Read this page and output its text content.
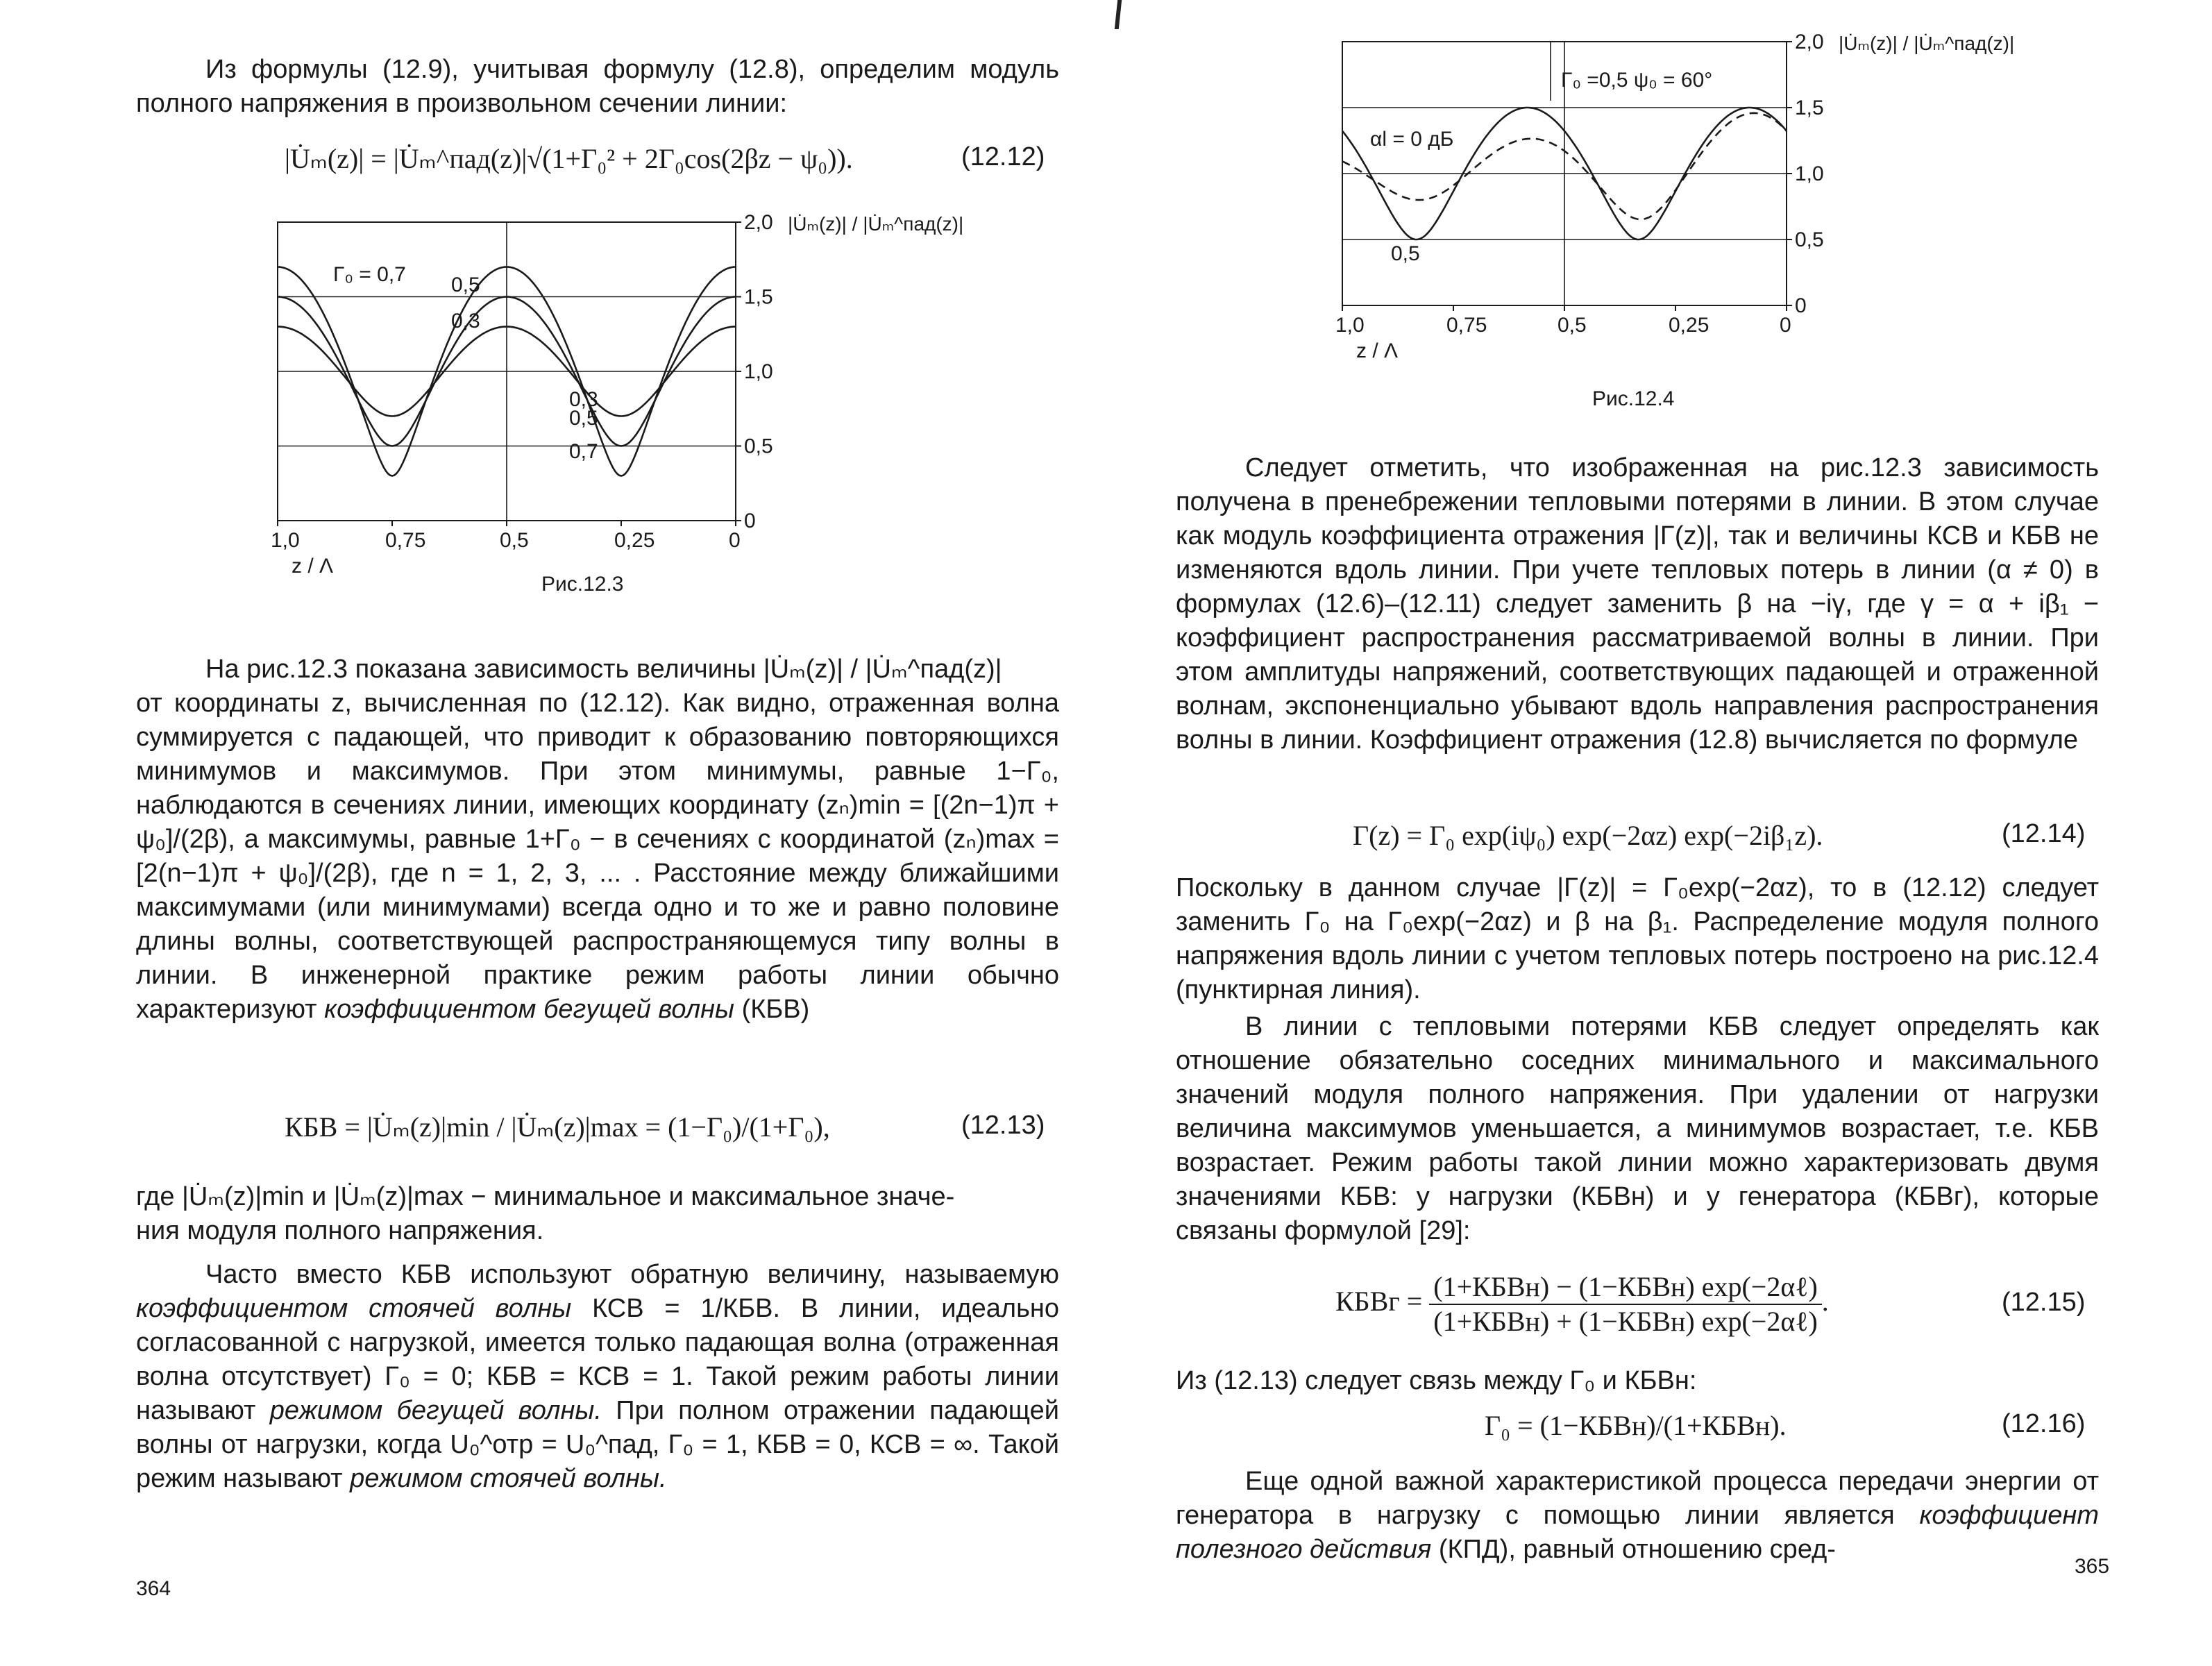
Из формулы (12.9), учитывая формулу (12.8), определим модуль полного напряжения в произвольном сечении линии:

|U̇ₘ(z)| = |U̇ₘ^пад(z)|√(1+Γ₀² + 2Γ₀cos(2βz − ψ₀)).	(12.12)
1,0	0,75	0,5	0,25	0
2,0
1,5
1,0
0,5
0
z / Λ
|U̇ₘ(z)| / |U̇ₘ^пад(z)|
Γ₀ = 0,7 0,5
0,3
0,3
0,5
0,7
Рис.12.3

На рис.12.3 показана зависимость величины |U̇ₘ(z)| / |U̇ₘ^пад(z)|

от координаты z, вычисленная по (12.12). Как видно, отраженная волна суммируется с падающей, что приводит к образованию повторяющихся минимумов и максимумов. При этом минимумы, равные 1−Γ₀, наблюдаются в сечениях линии, имеющих координату (zₙ)min = [(2n−1)π + ψ₀]/(2β), а максимумы, равные 1+Γ₀ − в сечениях с координатой (zₙ)max = [2(n−1)π + ψ₀]/(2β), где n = 1, 2, 3, ... . Расстояние между ближайшими максимумами (или минимумами) всегда одно и то же и равно половине длины волны, соответствующей распространяющемуся типу волны в линии. В инженерной практике режим работы линии обычно характеризуют коэффициентом бегущей волны (КБВ)

КБВ = |U̇ₘ(z)|min / |U̇ₘ(z)|max = (1−Γ₀)/(1+Γ₀),	(12.13)

где |U̇ₘ(z)|min и |U̇ₘ(z)|max − минимальное и максимальное значе-

ния модуля полного напряжения.

Часто вместо КБВ используют обратную величину, называемую коэффициентом стоячей волны КСВ = 1/КБВ. В линии, идеально согласованной с нагрузкой, имеется только падающая волна (отраженная волна отсутствует) Γ₀ = 0; КБВ = КСВ = 1. Такой режим работы линии называют режимом бегущей волны. При полном отражении падающей волны от нагрузки, когда U₀^отр = U₀^пад, Γ₀ = 1, КБВ = 0, КСВ = ∞. Такой режим называют режимом стоячей волны.

364
1,0	0,75	0,5	0,25	0
2,0
1,5
1,0
0,5
0
z / Λ
|U̇ₘ(z)| / |U̇ₘ^пад(z)|
Γ₀ =0,5 ψ₀ = 60°
αl = 0 дБ
0,5
Рис.12.4

Следует отметить, что изображенная на рис.12.3 зависимость получена в пренебрежении тепловыми потерями в линии. В этом случае как модуль коэффициента отражения |Γ(z)|, так и величины КСВ и КБВ не изменяются вдоль линии. При учете тепловых потерь в линии (α ≠ 0) в формулах (12.6)–(12.11) следует заменить β на −iγ, где γ = α + iβ₁ − коэффициент распространения рассматриваемой волны в линии. При этом амплитуды напряжений, соответствующих падающей и отраженной волнам, экспоненциально убывают вдоль направления распространения волны в линии. Коэффициент отражения (12.8) вычисляется по формуле

Γ(z) = Γ₀ exp(iψ₀) exp(−2αz) exp(−2iβ₁z).	(12.14)

Поскольку в данном случае |Γ(z)| = Γ₀exp(−2αz), то в (12.12) следует заменить Γ₀ на Γ₀exp(−2αz) и β на β₁. Распределение модуля полного напряжения вдоль линии с учетом тепловых потерь построено на рис.12.4 (пунктирная линия).

В линии с тепловыми потерями КБВ следует определять как отношение обязательно соседних минимального и максимального значений модуля полного напряжения. При удалении от нагрузки величина максимумов уменьшается, а минимумов возрастает, т.е. КБВ возрастает. Режим работы такой линии можно характеризовать двумя значениями КБВ: у нагрузки (КБВн) и у генератора (КБВг), которые связаны формулой [29]:

КБВг = $\frac{\text{(1+КБВн) − (1−КБВн) exp(−2αℓ)}}{\text{(1+КБВн) + (1−КБВн) exp(−2αℓ)}}$ .	(12.15)

Из (12.13) следует связь между Γ₀ и КБВн:

Γ₀ = (1−КБВн)/(1+КБВн).	(12.16)

Еще одной важной характеристикой процесса передачи энергии от генератора в нагрузку с помощью линии является коэффициент полезного действия (КПД), равный отношению сред-

365
